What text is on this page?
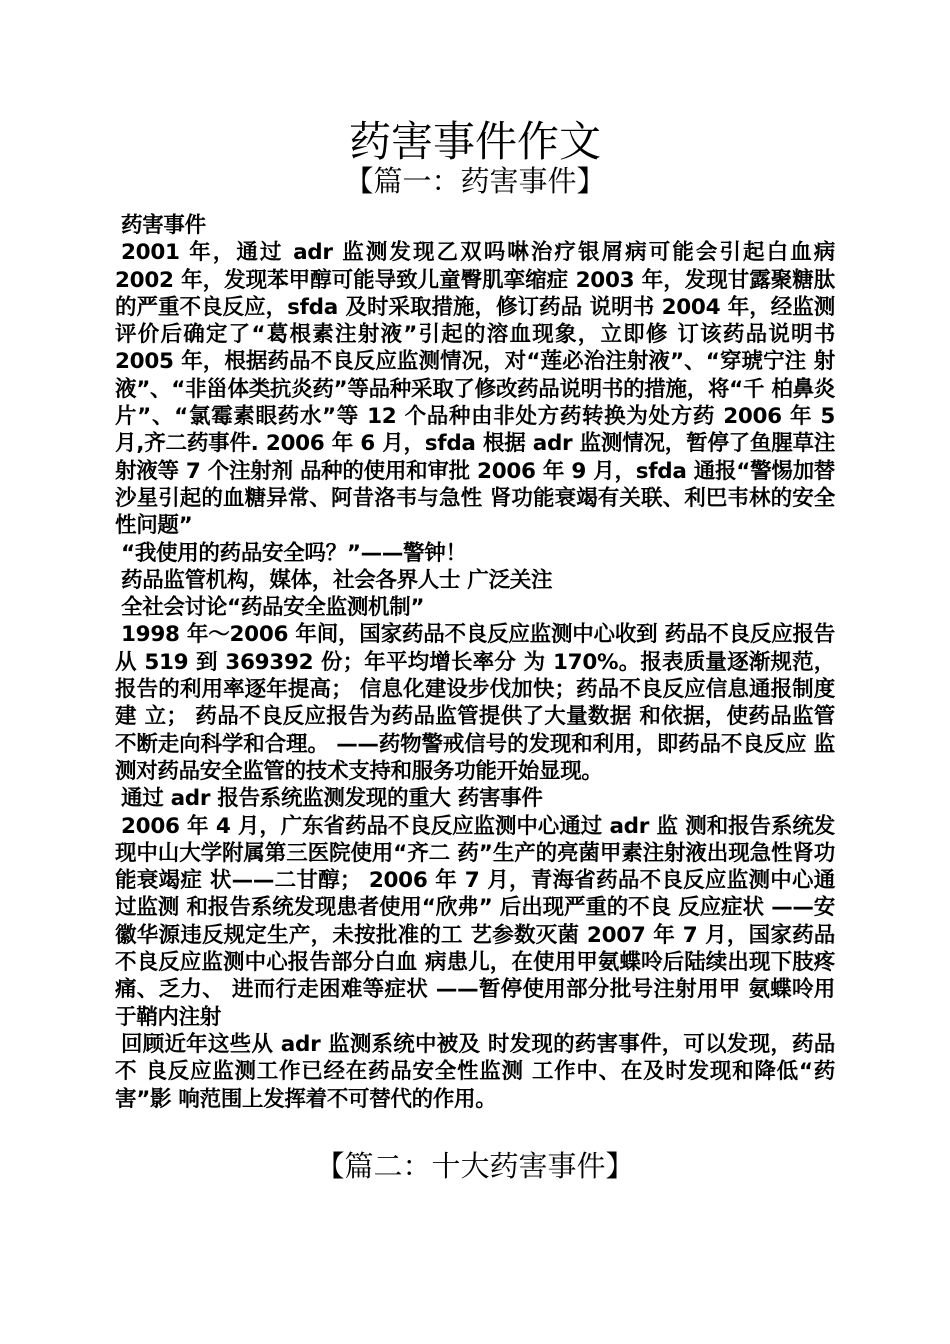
药害事件作文
【篇一：药害事件】

药害事件

2001 年，通过 adr 监测发现乙双吗啉治疗银屑病可能会引起白血病 2002 年，发现苯甲醇可能导致儿童臀肌挛缩症 2003 年，发现甘露聚糖肽的严重不良反应，sfda 及时采取措施，修订药品 说明书 2004 年，经监测评价后确定了“葛根素注射液”引起的溶血现象，立即修 订该药品说明书 2005 年，根据药品不良反应监测情况，对“莲必治注射液”、“穿琥宁注 射液”、“非甾体类抗炎药”等品种采取了修改药品说明书的措施，将“千 柏鼻炎片”、“氯霉素眼药水”等 12 个品种由非处方药转换为处方药 2006 年 5 月,齐二药事件. 2006 年 6 月，sfda 根据 adr 监测情况，暂停了鱼腥草注射液等 7 个注射剂 品种的使用和审批 2006 年 9 月，sfda 通报“警惕加替沙星引起的血糖异常、阿昔洛韦与急性 肾功能衰竭有关联、利巴韦林的安全性问题”

“我使用的药品安全吗？”——警钟！

药品监管机构，媒体，社会各界人士 广泛关注

全社会讨论“药品安全监测机制”

1998 年～2006 年间，国家药品不良反应监测中心收到 药品不良反应报告从 519 到 369392 份；年平均增长率分 为 170%。报表质量逐渐规范，报告的利用率逐年提高； 信息化建设步伐加快；药品不良反应信息通报制度建 立； 药品不良反应报告为药品监管提供了大量数据 和依据，使药品监管不断走向科学和合理。 ——药物警戒信号的发现和利用，即药品不良反应 监测对药品安全监管的技术支持和服务功能开始显现。

通过 adr 报告系统监测发现的重大 药害事件

2006 年 4 月，广东省药品不良反应监测中心通过 adr 监 测和报告系统发现中山大学附属第三医院使用“齐二 药”生产的亮菌甲素注射液出现急性肾功能衰竭症 状——二甘醇； 2006 年 7 月，青海省药品不良反应监测中心通过监测 和报告系统发现患者使用“欣弗” 后出现严重的不良 反应症状 ——安徽华源违反规定生产，未按批准的工 艺参数灭菌 2007 年 7 月，国家药品不良反应监测中心报告部分白血 病患儿，在使用甲氨蝶呤后陆续出现下肢疼痛、乏力、 进而行走困难等症状 ——暂停使用部分批号注射用甲 氨蝶呤用于鞘内注射

回顾近年这些从 adr 监测系统中被及 时发现的药害事件，可以发现，药品不 良反应监测工作已经在药品安全性监测 工作中、在及时发现和降低“药害”影 响范围上发挥着不可替代的作用。

【篇二：十大药害事件】
